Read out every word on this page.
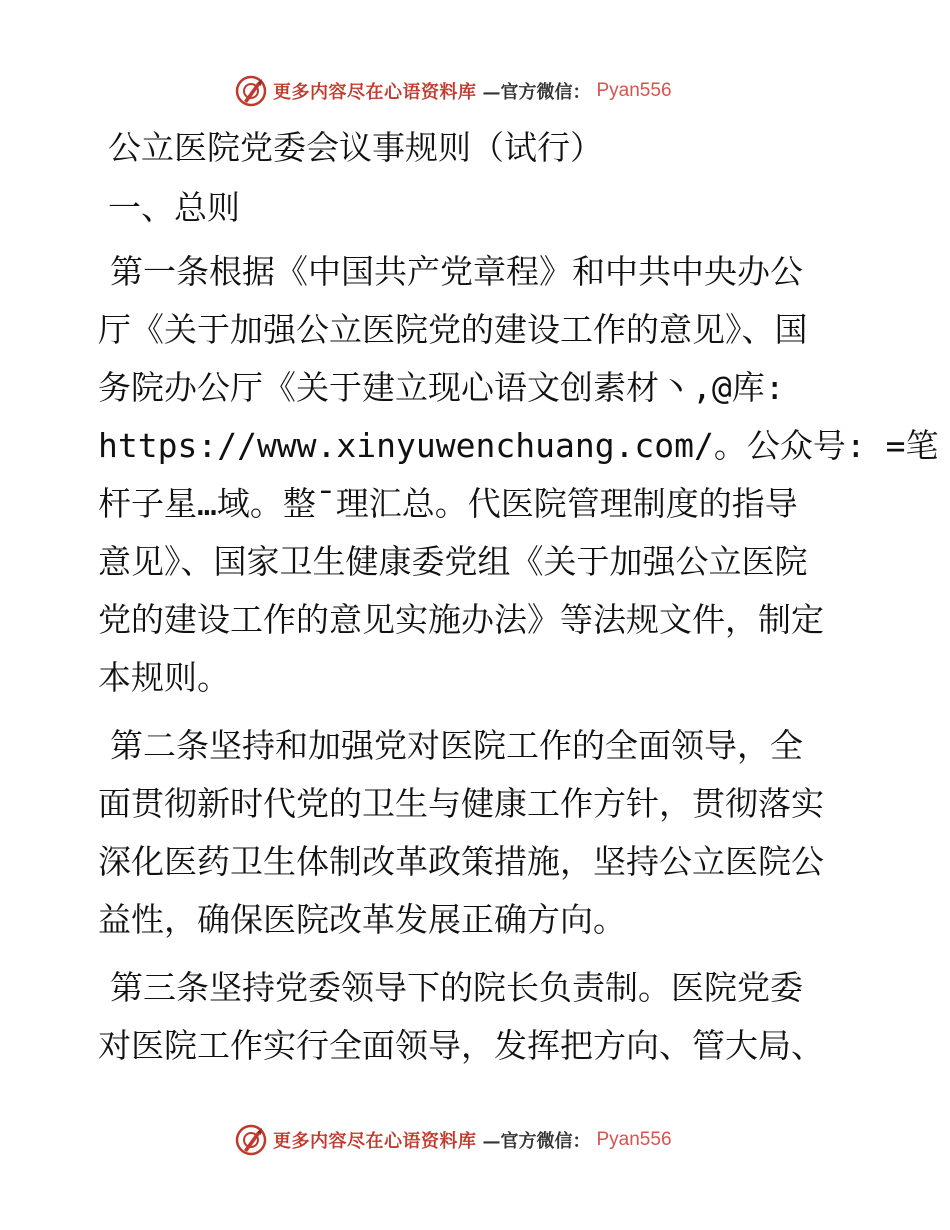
更多内容尽在心语资料库 —官方微信： Pyan556
公立医院党委会议事规则（试行）
一、总则
第一条根据《中国共产党章程》和中共中央办公
厅《关于加强公立医院党的建设工作的意见》、国
务院办公厅《关于建立现心语文创素材丶,@库:
https://www.xinyuwenchuang.com/。公众号: =笔
杆子星…域。整¯理汇总。代医院管理制度的指导
意见》、国家卫生健康委党组《关于加强公立医院
党的建设工作的意见实施办法》等法规文件，制定
本规则。
第二条坚持和加强党对医院工作的全面领导，全
面贯彻新时代党的卫生与健康工作方针，贯彻落实
深化医药卫生体制改革政策措施，坚持公立医院公
益性，确保医院改革发展正确方向。
第三条坚持党委领导下的院长负责制。医院党委
对医院工作实行全面领导，发挥把方向、管大局、
更多内容尽在心语资料库 —官方微信： Pyan556
